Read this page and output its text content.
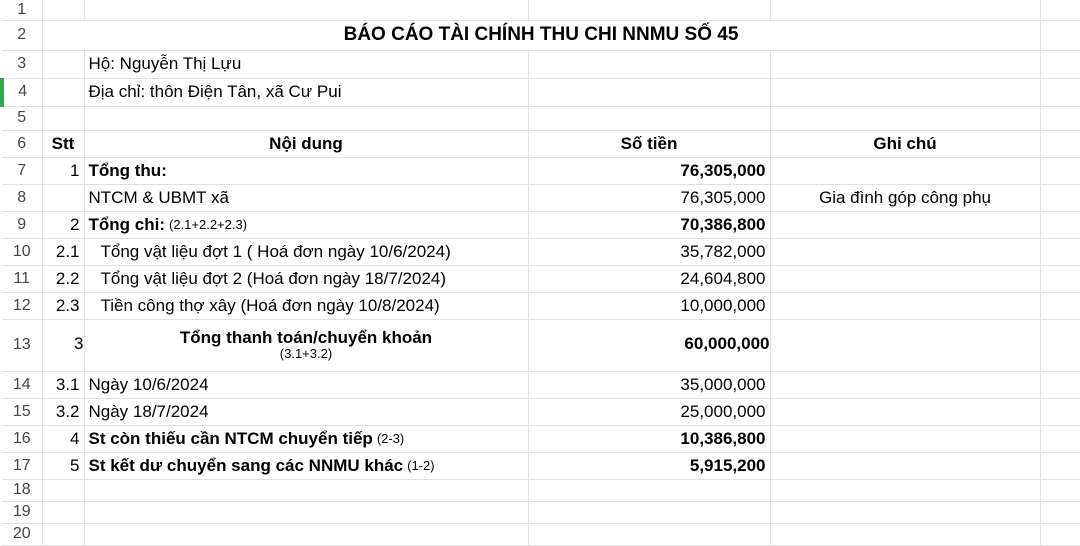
1					
2	BÁO CÁO TÀI CHÍNH THU CHI NNMU SỐ 45				

3		Hộ: Nguyễn Thị Lựu			

4		Địa chỉ: thôn Điện Tân, xã Cư Pui			

5					
6	Stt	Nội dung	Số tiền	Ghi chú	

7	1	Tổng thu:	76,305,000		

8		NTCM & UBMT xã	76,305,000	Gia đình góp công phụ	

9	2	Tổng chi: (2.1+2.2+2.3)	70,386,800		

10	2.1	Tổng vật liệu đợt 1 ( Hoá đơn ngày 10/6/2024)	35,782,000		

11	2.2	Tổng vật liệu đợt 2 (Hoá đơn ngày 18/7/2024)	24,604,800		

12	2.3	Tiền công thợ xây (Hoá đơn ngày 10/8/2024)	10,000,000		

13	3	Tổng thanh toán/chuyển khoản
(3.1+3.2)	60,000,000		

14	3.1	Ngày 10/6/2024	35,000,000		

15	3.2	Ngày 18/7/2024	25,000,000		

16	4	St còn thiếu cần NTCM chuyển tiếp (2-3)	10,386,800		

17	5	St kết dư chuyển sang các NNMU khác (1-2)	5,915,200		

18					
19					
20					
